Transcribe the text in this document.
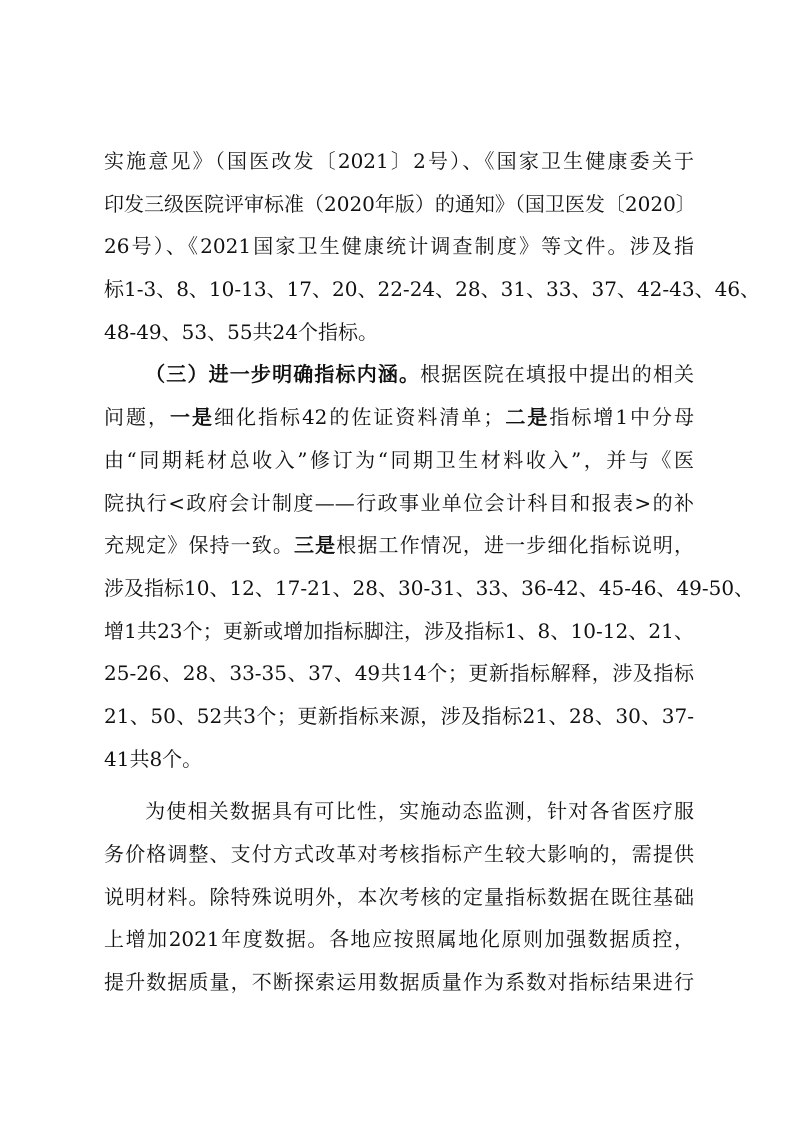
实施意见》（国医改发〔2021〕2号）、《国家卫生健康委关于
印发三级医院评审标准（2020年版）的通知》（国卫医发〔2020〕
26号）、《2021国家卫生健康统计调查制度》等文件。涉及指
标1-3、8、10-13、17、20、22-24、28、31、33、37、42-43、46、
48-49、53、55共24个指标。
（三）进一步明确指标内涵。根据医院在填报中提出的相关
问题，一是细化指标42的佐证资料清单；二是指标增1中分母
由“同期耗材总收入”修订为“同期卫生材料收入”，并与《医
院执行<政府会计制度——行政事业单位会计科目和报表>的补
充规定》保持一致。三是根据工作情况，进一步细化指标说明，
涉及指标10、12、17-21、28、30-31、33、36-42、45-46、49-50、
增1共23个；更新或增加指标脚注，涉及指标1、8、10-12、21、
25-26、28、33-35、37、49共14个；更新指标解释，涉及指标
21、50、52共3个；更新指标来源，涉及指标21、28、30、37-
41共8个。
为使相关数据具有可比性，实施动态监测，针对各省医疗服
务价格调整、支付方式改革对考核指标产生较大影响的，需提供
说明材料。除特殊说明外，本次考核的定量指标数据在既往基础
上增加2021年度数据。各地应按照属地化原则加强数据质控，
提升数据质量，不断探索运用数据质量作为系数对指标结果进行
